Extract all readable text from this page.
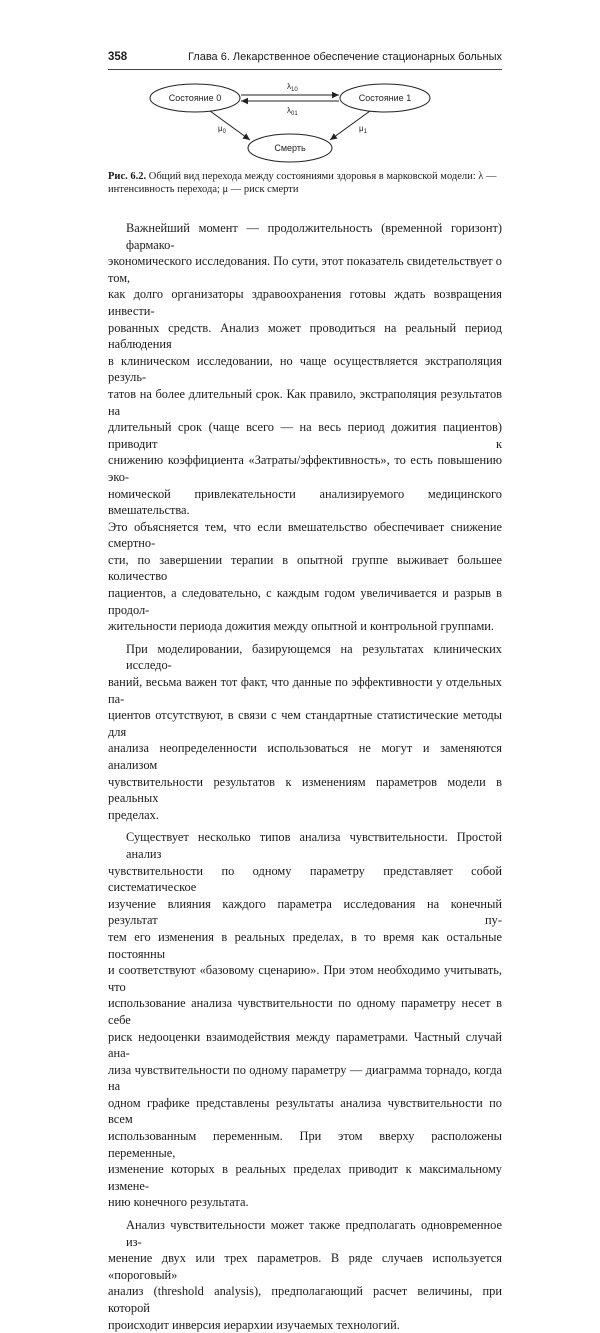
358	Глава 6. Лекарственное обеспечение стационарных больных
Состояние 0	Состояние 1
Смерть
$\lambda_{10}$
$\lambda_{01}$
$\mu_0$	$\mu_1$
Рис. 6.2. Общий вид перехода между состояниями здоровья в марковской модели: λ — интенсивность перехода; μ — риск смерти
Важнейший момент — продолжительность (временной горизонт) фармако-
экономического исследования. По сути, этот показатель свидетельствует о том,
как долго организаторы здравоохранения готовы ждать возвращения инвести-
рованных средств. Анализ может проводиться на реальный период наблюдения
в клиническом исследовании, но чаще осуществляется экстраполяция резуль-
татов на более длительный срок. Как правило, экстраполяция результатов на
длительный срок (чаще всего — на весь период дожития пациентов) приводит к
снижению коэффициента «Затраты/эффективность», то есть повышению эко-
номической привлекательности анализируемого медицинского вмешательства.
Это объясняется тем, что если вмешательство обеспечивает снижение смертно-
сти, по завершении терапии в опытной группе выживает большее количество
пациентов, а следовательно, с каждым годом увеличивается и разрыв в продол-
жительности периода дожития между опытной и контрольной группами.
При моделировании, базирующемся на результатах клинических исследо-
ваний, весьма важен тот факт, что данные по эффективности у отдельных па-
циентов отсутствуют, в связи с чем стандартные статистические методы для
анализа неопределенности использоваться не могут и заменяются анализом
чувствительности результатов к изменениям параметров модели в реальных
пределах.
Существует несколько типов анализа чувствительности. Простой анализ
чувствительности по одному параметру представляет собой систематическое
изучение влияния каждого параметра исследования на конечный результат пу-
тем его изменения в реальных пределах, в то время как остальные постоянны
и соответствуют «базовому сценарию». При этом необходимо учитывать, что
использование анализа чувствительности по одному параметру несет в себе
риск недооценки взаимодействия между параметрами. Частный случай ана-
лиза чувствительности по одному параметру — диаграмма торнадо, когда на
одном графике представлены результаты анализа чувствительности по всем
использованным переменным. При этом вверху расположены переменные,
изменение которых в реальных пределах приводит к максимальному измене-
нию конечного результата.
Анализ чувствительности может также предполагать одновременное из-
менение двух или трех параметров. В ряде случаев используется «пороговый»
анализ (threshold analysis), предполагающий расчет величины, при которой
происходит инверсия иерархии изучаемых технологий.
